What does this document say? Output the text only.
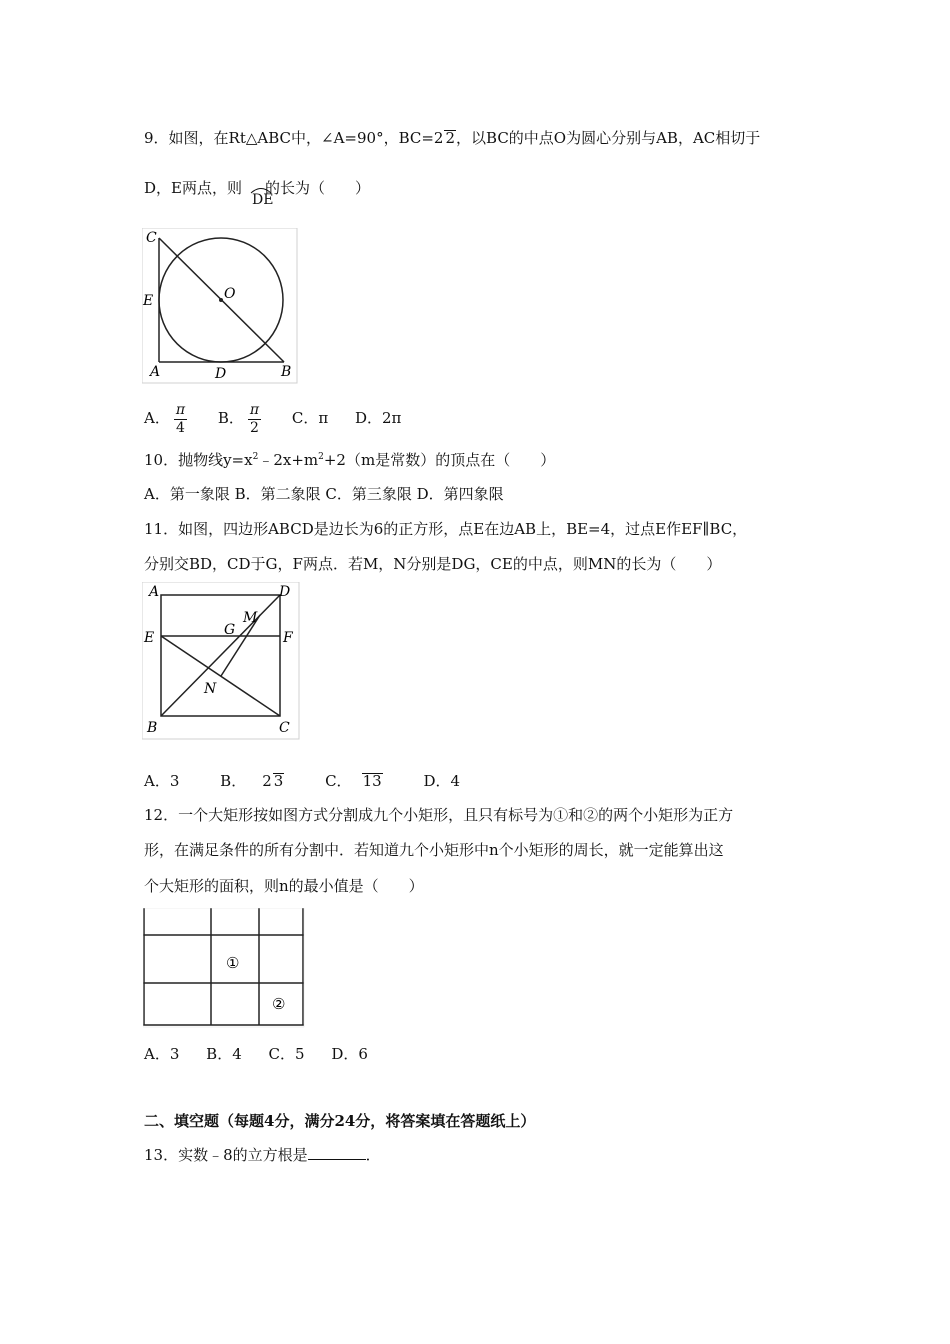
9．如图，在Rt△ABC中，∠A=90°，BC=2 2，以BC的中点O为圆心分别与AB，AC相切于
D，E两点，则
DE
的长为（　　）
C
E	O
A	D	B
A． $\frac{\pi}{4}$ B． $\frac{\pi}{2}$ C．π D．2π
10．抛物线$y=x^2﹣2x+m^2+2(m$是常数）的顶点在（　　）
A．第一象限 B．第二象限 C．第三象限 D．第四象限
11．如图，四边形ABCD是边长为6的正方形，点E在边AB上，BE=4，过点E作EF∥BC，
分别交BD，CD于G，F两点．若M，N分别是DG，CE的中点，则MN的长为（　　）
A	D
M
G
E	F
N
B	C
A．3	B． 2 3	C． 13	D．4
12．一个大矩形按如图方式分割成九个小矩形，且只有标号为①和②的两个小矩形为正方
形，在满足条件的所有分割中．若知道九个小矩形中n个小矩形的周长，就一定能算出这
个大矩形的面积，则n的最小值是（　　）
①
②
A．3 B．4 C．5 D．6
二、填空题（每题4分，满分24分，将答案填在答题纸上）
13．实数﹣8的立方根是	．
